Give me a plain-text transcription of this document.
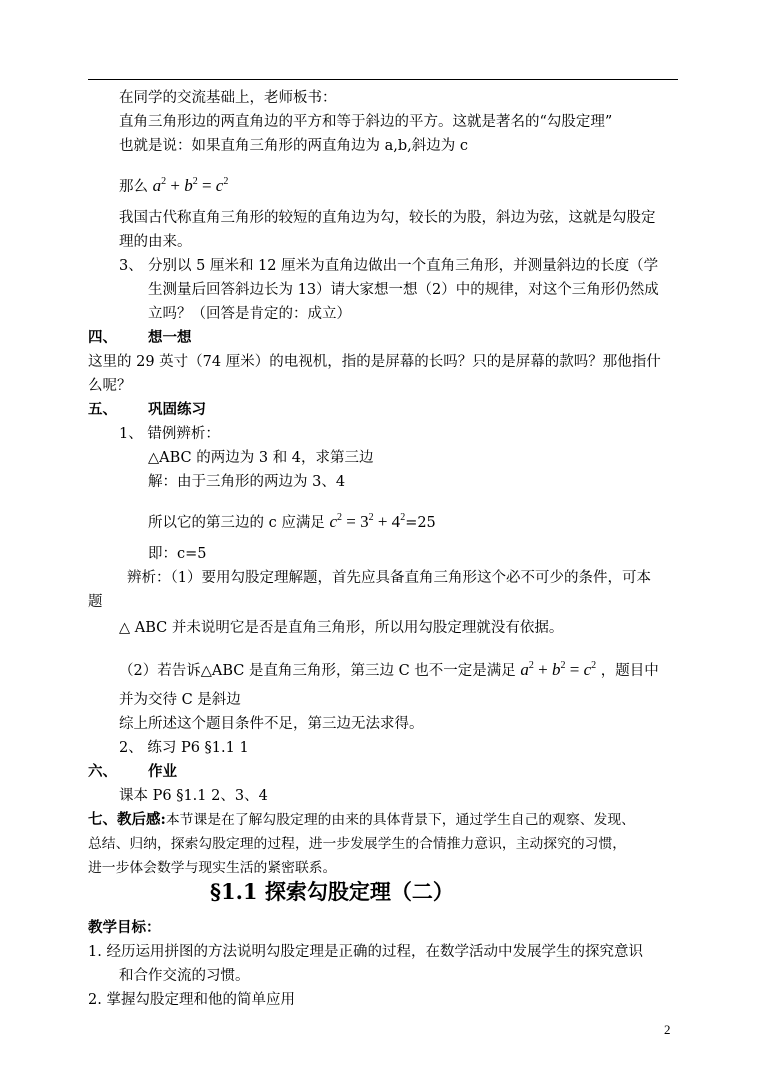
在同学的交流基础上，老师板书：
直角三角形边的两直角边的平方和等于斜边的平方。这就是著名的“勾股定理”
也就是说：如果直角三角形的两直角边为 a,b,斜边为 c
那么 $a^2 + b^2 = c^2$
我国古代称直角三角形的较短的直角边为勾，较长的为股，斜边为弦，这就是勾股定
理的由来。
3、 分别以 5 厘米和 12 厘米为直角边做出一个直角三角形，并测量斜边的长度（学
生测量后回答斜边长为 13）请大家想一想（2）中的规律，对这个三角形仍然成
立吗？（回答是肯定的：成立）
四、 想一想
这里的 29 英寸（74 厘米）的电视机，指的是屏幕的长吗？只的是屏幕的款吗？那他指什
么呢？
五、 巩固练习
1、 错例辨析：
△ABC 的两边为 3 和 4，求第三边
解：由于三角形的两边为 3、4
所以它的第三边的 c 应满足 $c^2 = 3^2 + 4^2=25$
即：c=5
辨析：（1）要用勾股定理解题，首先应具备直角三角形这个必不可少的条件，可本
题
△ ABC 并未说明它是否是直角三角形，所以用勾股定理就没有依据。
（2）若告诉△ABC 是直角三角形，第三边 C 也不一定是满足 $a^2 + b^2 = c^2$ ，题目中
并为交待 C 是斜边
综上所述这个题目条件不足，第三边无法求得。
2、 练习 P6 §1.1 1
六、 作业
课本 P6 §1.1 2、3、4
七、教后感:本节课是在了解勾股定理的由来的具体背景下，通过学生自己的观察、发现、
总结、归纳，探索勾股定理的过程，进一步发展学生的合情推力意识，主动探究的习惯，
进一步体会数学与现实生活的紧密联系。
§1.1 探索勾股定理（二）
教学目标：
1. 经历运用拼图的方法说明勾股定理是正确的过程，在数学活动中发展学生的探究意识
和合作交流的习惯。
2. 掌握勾股定理和他的简单应用
2
